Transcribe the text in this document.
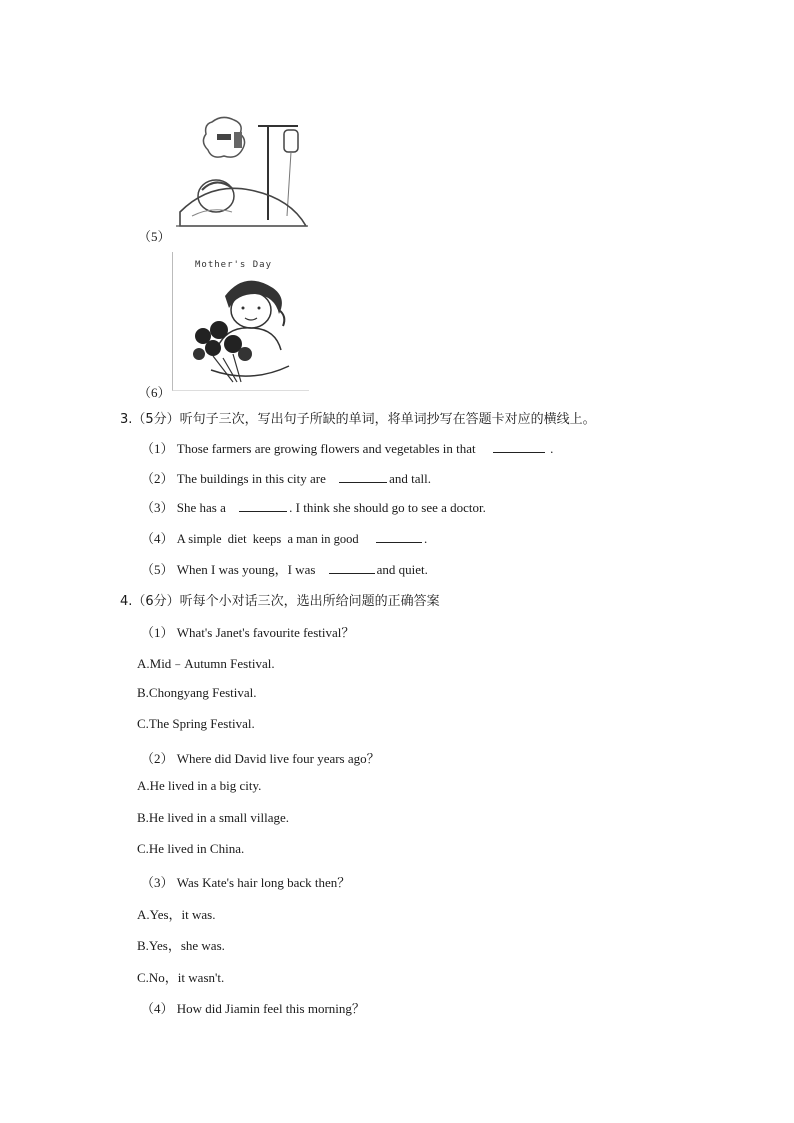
（5）
Mother's Day
（6）
3.（5分）听句子三次，写出句子所缺的单词，将单词抄写在答题卡对应的横线上。
（1） Those farmers are growing flowers and vegetables in that	.
（2） The buildings in this city are	and tall.
（3） She has a	. I think she should go to see a doctor.
（4） A simple  diet  keeps  a man in good	.
（5） When I was young，I was	and quiet.
4.（6分）听每个小对话三次，选出所给问题的正确答案
（1） What's Janet's favourite festival？
A.Mid﹣Autumn Festival.
B.Chongyang Festival.
C.The Spring Festival.
（2） Where did David live four years ago？
A.He lived in a big city.
B.He lived in a small village.
C.He lived in China.
（3） Was Kate's hair long back then？
A.Yes，it was.
B.Yes，she was.
C.No，it wasn't.
（4） How did Jiamin feel this morning？
